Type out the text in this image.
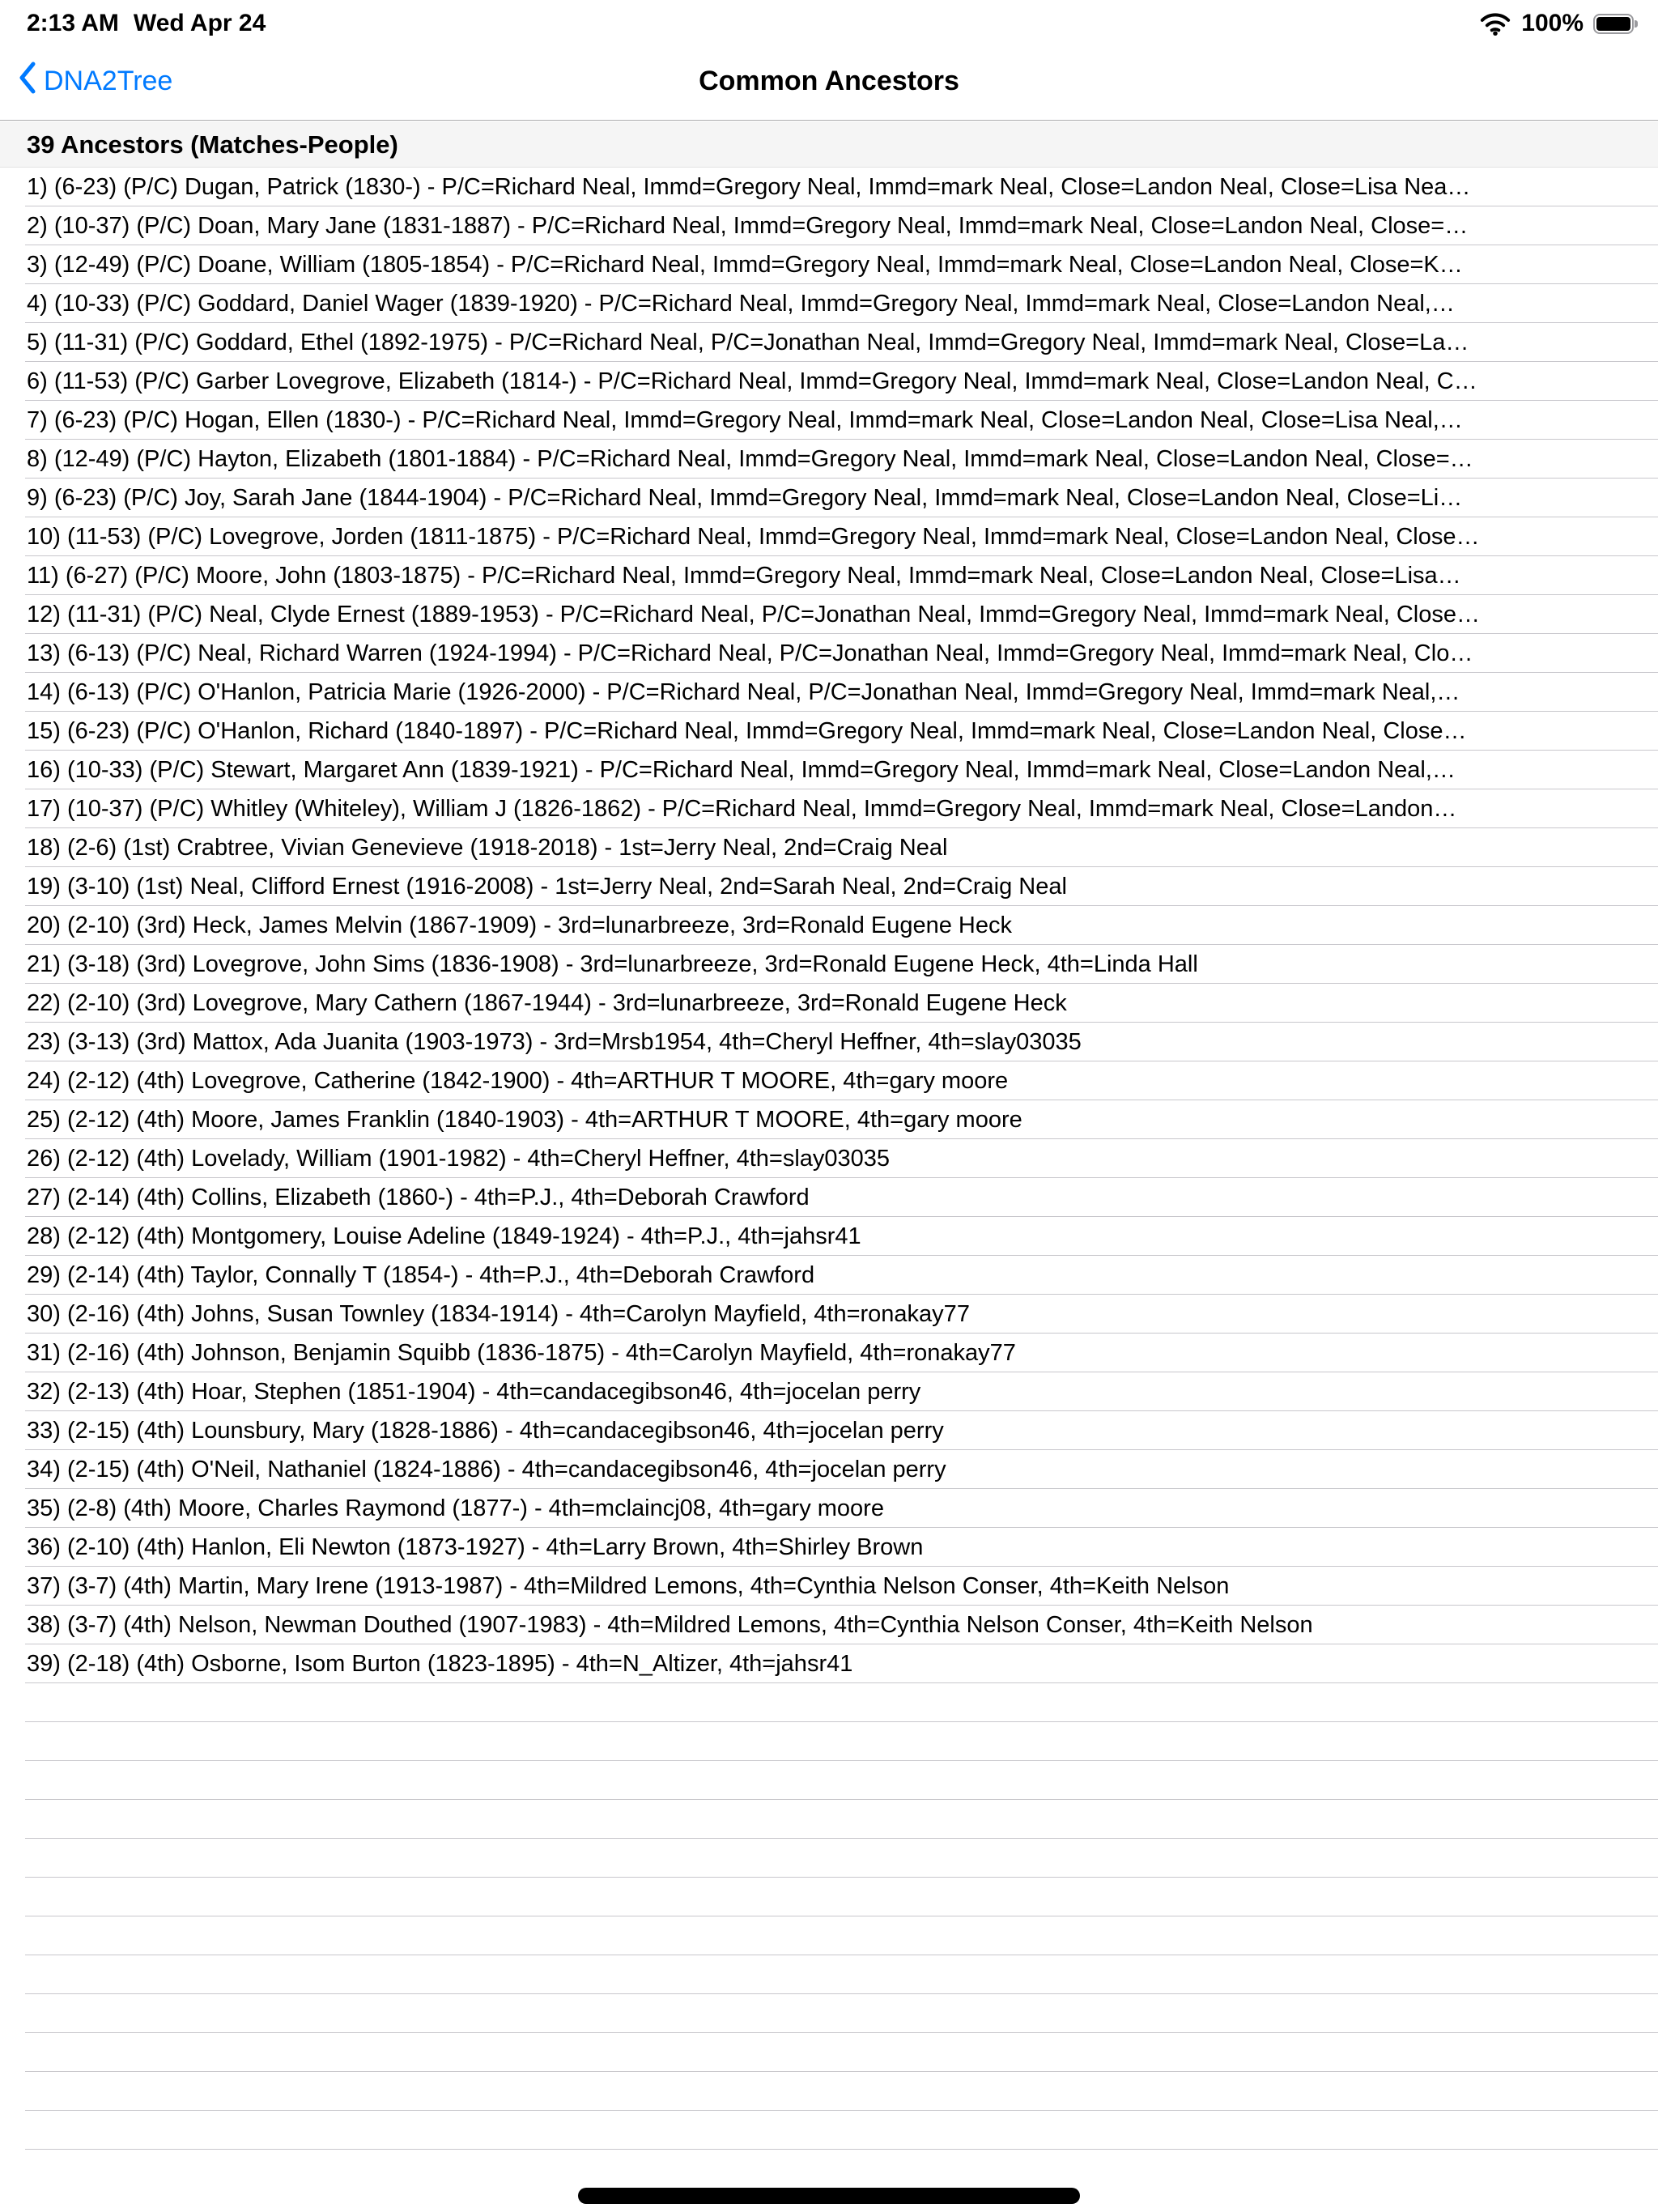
2:13 AM Wed Apr 24	100%
Common Ancestors
DNA2Tree
39 Ancestors (Matches-People)
1) (6-23) (P/C) Dugan, Patrick (1830-) - P/C=Richard Neal, Immd=Gregory Neal, Immd=mark Neal, Close=Landon Neal, Close=Lisa Nea…
2) (10-37) (P/C) Doan, Mary Jane (1831-1887) - P/C=Richard Neal, Immd=Gregory Neal, Immd=mark Neal, Close=Landon Neal, Close=…
3) (12-49) (P/C) Doane, William (1805-1854) - P/C=Richard Neal, Immd=Gregory Neal, Immd=mark Neal, Close=Landon Neal, Close=K…
4) (10-33) (P/C) Goddard, Daniel Wager (1839-1920) - P/C=Richard Neal, Immd=Gregory Neal, Immd=mark Neal, Close=Landon Neal,…
5) (11-31) (P/C) Goddard, Ethel (1892-1975) - P/C=Richard Neal, P/C=Jonathan Neal, Immd=Gregory Neal, Immd=mark Neal, Close=La…
6) (11-53) (P/C) Garber Lovegrove, Elizabeth (1814-) - P/C=Richard Neal, Immd=Gregory Neal, Immd=mark Neal, Close=Landon Neal, C…
7) (6-23) (P/C) Hogan, Ellen (1830-) - P/C=Richard Neal, Immd=Gregory Neal, Immd=mark Neal, Close=Landon Neal, Close=Lisa Neal,…
8) (12-49) (P/C) Hayton, Elizabeth (1801-1884) - P/C=Richard Neal, Immd=Gregory Neal, Immd=mark Neal, Close=Landon Neal, Close=…
9) (6-23) (P/C) Joy, Sarah Jane (1844-1904) - P/C=Richard Neal, Immd=Gregory Neal, Immd=mark Neal, Close=Landon Neal, Close=Li…
10) (11-53) (P/C) Lovegrove, Jorden (1811-1875) - P/C=Richard Neal, Immd=Gregory Neal, Immd=mark Neal, Close=Landon Neal, Close…
11) (6-27) (P/C) Moore, John (1803-1875) - P/C=Richard Neal, Immd=Gregory Neal, Immd=mark Neal, Close=Landon Neal, Close=Lisa…
12) (11-31) (P/C) Neal, Clyde Ernest (1889-1953) - P/C=Richard Neal, P/C=Jonathan Neal, Immd=Gregory Neal, Immd=mark Neal, Close…
13) (6-13) (P/C) Neal, Richard Warren (1924-1994) - P/C=Richard Neal, P/C=Jonathan Neal, Immd=Gregory Neal, Immd=mark Neal, Clo…
14) (6-13) (P/C) O'Hanlon, Patricia Marie (1926-2000) - P/C=Richard Neal, P/C=Jonathan Neal, Immd=Gregory Neal, Immd=mark Neal,…
15) (6-23) (P/C) O'Hanlon, Richard (1840-1897) - P/C=Richard Neal, Immd=Gregory Neal, Immd=mark Neal, Close=Landon Neal, Close…
16) (10-33) (P/C) Stewart, Margaret Ann (1839-1921) - P/C=Richard Neal, Immd=Gregory Neal, Immd=mark Neal, Close=Landon Neal,…
17) (10-37) (P/C) Whitley (Whiteley), William J (1826-1862) - P/C=Richard Neal, Immd=Gregory Neal, Immd=mark Neal, Close=Landon…
18) (2-6) (1st) Crabtree, Vivian Genevieve (1918-2018) - 1st=Jerry Neal, 2nd=Craig Neal
19) (3-10) (1st) Neal, Clifford Ernest (1916-2008) - 1st=Jerry Neal, 2nd=Sarah Neal, 2nd=Craig Neal
20) (2-10) (3rd) Heck, James Melvin (1867-1909) - 3rd=lunarbreeze, 3rd=Ronald Eugene Heck
21) (3-18) (3rd) Lovegrove, John Sims (1836-1908) - 3rd=lunarbreeze, 3rd=Ronald Eugene Heck, 4th=Linda Hall
22) (2-10) (3rd) Lovegrove, Mary Cathern (1867-1944) - 3rd=lunarbreeze, 3rd=Ronald Eugene Heck
23) (3-13) (3rd) Mattox, Ada Juanita (1903-1973) - 3rd=Mrsb1954, 4th=Cheryl Heffner, 4th=slay03035
24) (2-12) (4th) Lovegrove, Catherine (1842-1900) - 4th=ARTHUR T MOORE, 4th=gary moore
25) (2-12) (4th) Moore, James Franklin (1840-1903) - 4th=ARTHUR T MOORE, 4th=gary moore
26) (2-12) (4th) Lovelady, William (1901-1982) - 4th=Cheryl Heffner, 4th=slay03035
27) (2-14) (4th) Collins, Elizabeth (1860-) - 4th=P.J., 4th=Deborah Crawford
28) (2-12) (4th) Montgomery, Louise Adeline (1849-1924) - 4th=P.J., 4th=jahsr41
29) (2-14) (4th) Taylor, Connally T (1854-) - 4th=P.J., 4th=Deborah Crawford
30) (2-16) (4th) Johns, Susan Townley (1834-1914) - 4th=Carolyn Mayfield, 4th=ronakay77
31) (2-16) (4th) Johnson, Benjamin Squibb (1836-1875) - 4th=Carolyn Mayfield, 4th=ronakay77
32) (2-13) (4th) Hoar, Stephen (1851-1904) - 4th=candacegibson46, 4th=jocelan perry
33) (2-15) (4th) Lounsbury, Mary (1828-1886) - 4th=candacegibson46, 4th=jocelan perry
34) (2-15) (4th) O'Neil, Nathaniel (1824-1886) - 4th=candacegibson46, 4th=jocelan perry
35) (2-8) (4th) Moore, Charles Raymond (1877-) - 4th=mclaincj08, 4th=gary moore
36) (2-10) (4th) Hanlon, Eli Newton (1873-1927) - 4th=Larry Brown, 4th=Shirley Brown
37) (3-7) (4th) Martin, Mary Irene (1913-1987) - 4th=Mildred Lemons, 4th=Cynthia Nelson Conser, 4th=Keith Nelson
38) (3-7) (4th) Nelson, Newman Douthed (1907-1983) - 4th=Mildred Lemons, 4th=Cynthia Nelson Conser, 4th=Keith Nelson
39) (2-18) (4th) Osborne, Isom Burton (1823-1895) - 4th=N_Altizer, 4th=jahsr41
